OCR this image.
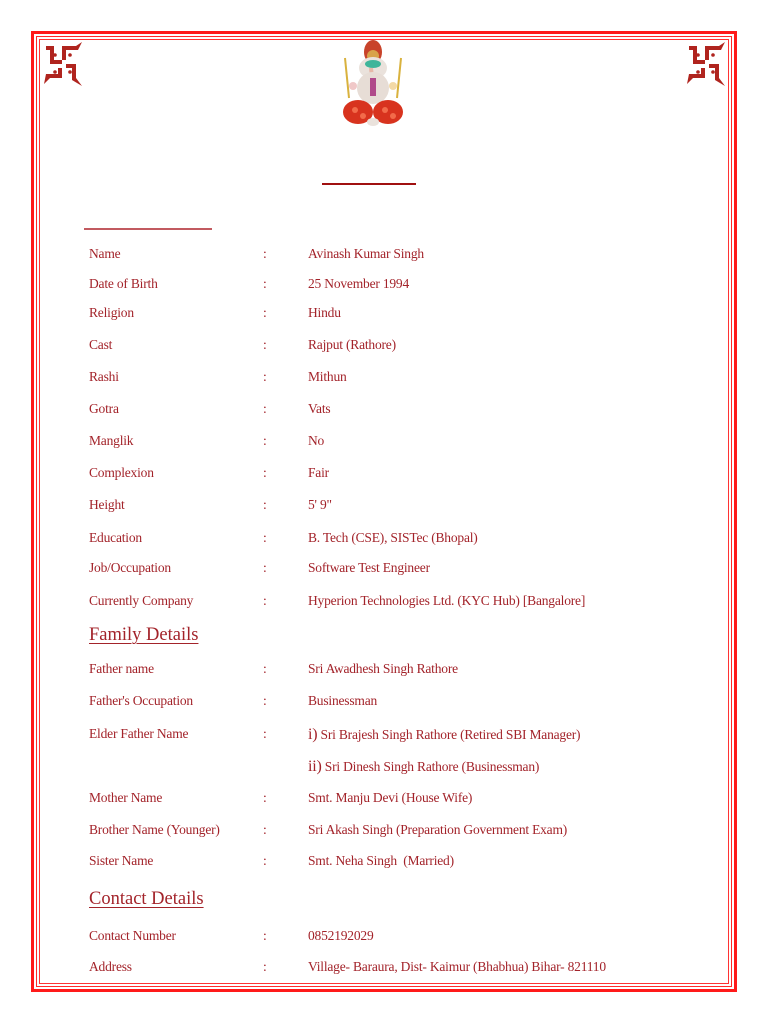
Name	:	Avinash Kumar Singh
Date of Birth	:	25 November 1994
Religion	:	Hindu
Cast	:	Rajput (Rathore)
Rashi	:	Mithun
Gotra	:	Vats
Manglik	:	No
Complexion	:	Fair
Height	:	5' 9"
Education	:	B. Tech (CSE), SISTec (Bhopal)
Job/Occupation	:	Software Test Engineer
Currently Company	:	Hyperion Technologies Ltd. (KYC Hub) [Bangalore]
Family Details
Father name	:	Sri Awadhesh Singh Rathore
Father's Occupation	:	Businessman
Elder Father Name	:	i) Sri Brajesh Singh Rathore (Retired SBI Manager)
ii) Sri Dinesh Singh Rathore (Businessman)
Mother Name	:	Smt. Manju Devi (House Wife)
Brother Name (Younger)	:	Sri Akash Singh (Preparation Government Exam)
Sister Name	:	Smt. Neha Singh  (Married)
Contact Details
Contact Number	:	0852192029
Address	:	Village- Baraura, Dist- Kaimur (Bhabhua) Bihar- 821110
